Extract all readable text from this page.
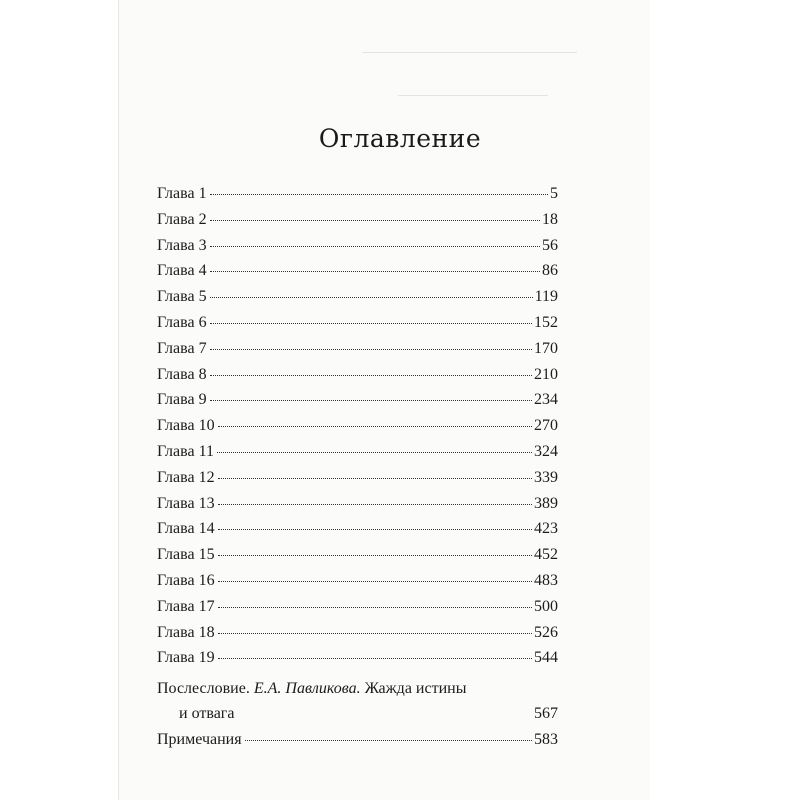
Оглавление
Глава 1	5
Глава 2	18
Глава 3	56
Глава 4	86
Глава 5	119
Глава 6	152
Глава 7	170
Глава 8	210
Глава 9	234
Глава 10	270
Глава 11	324
Глава 12	339
Глава 13	389
Глава 14	423
Глава 15	452
Глава 16	483
Глава 17	500
Глава 18	526
Глава 19	544
Послесловие. Е.А. Павликова. Жажда истины
и отвага	567
Примечания	583
